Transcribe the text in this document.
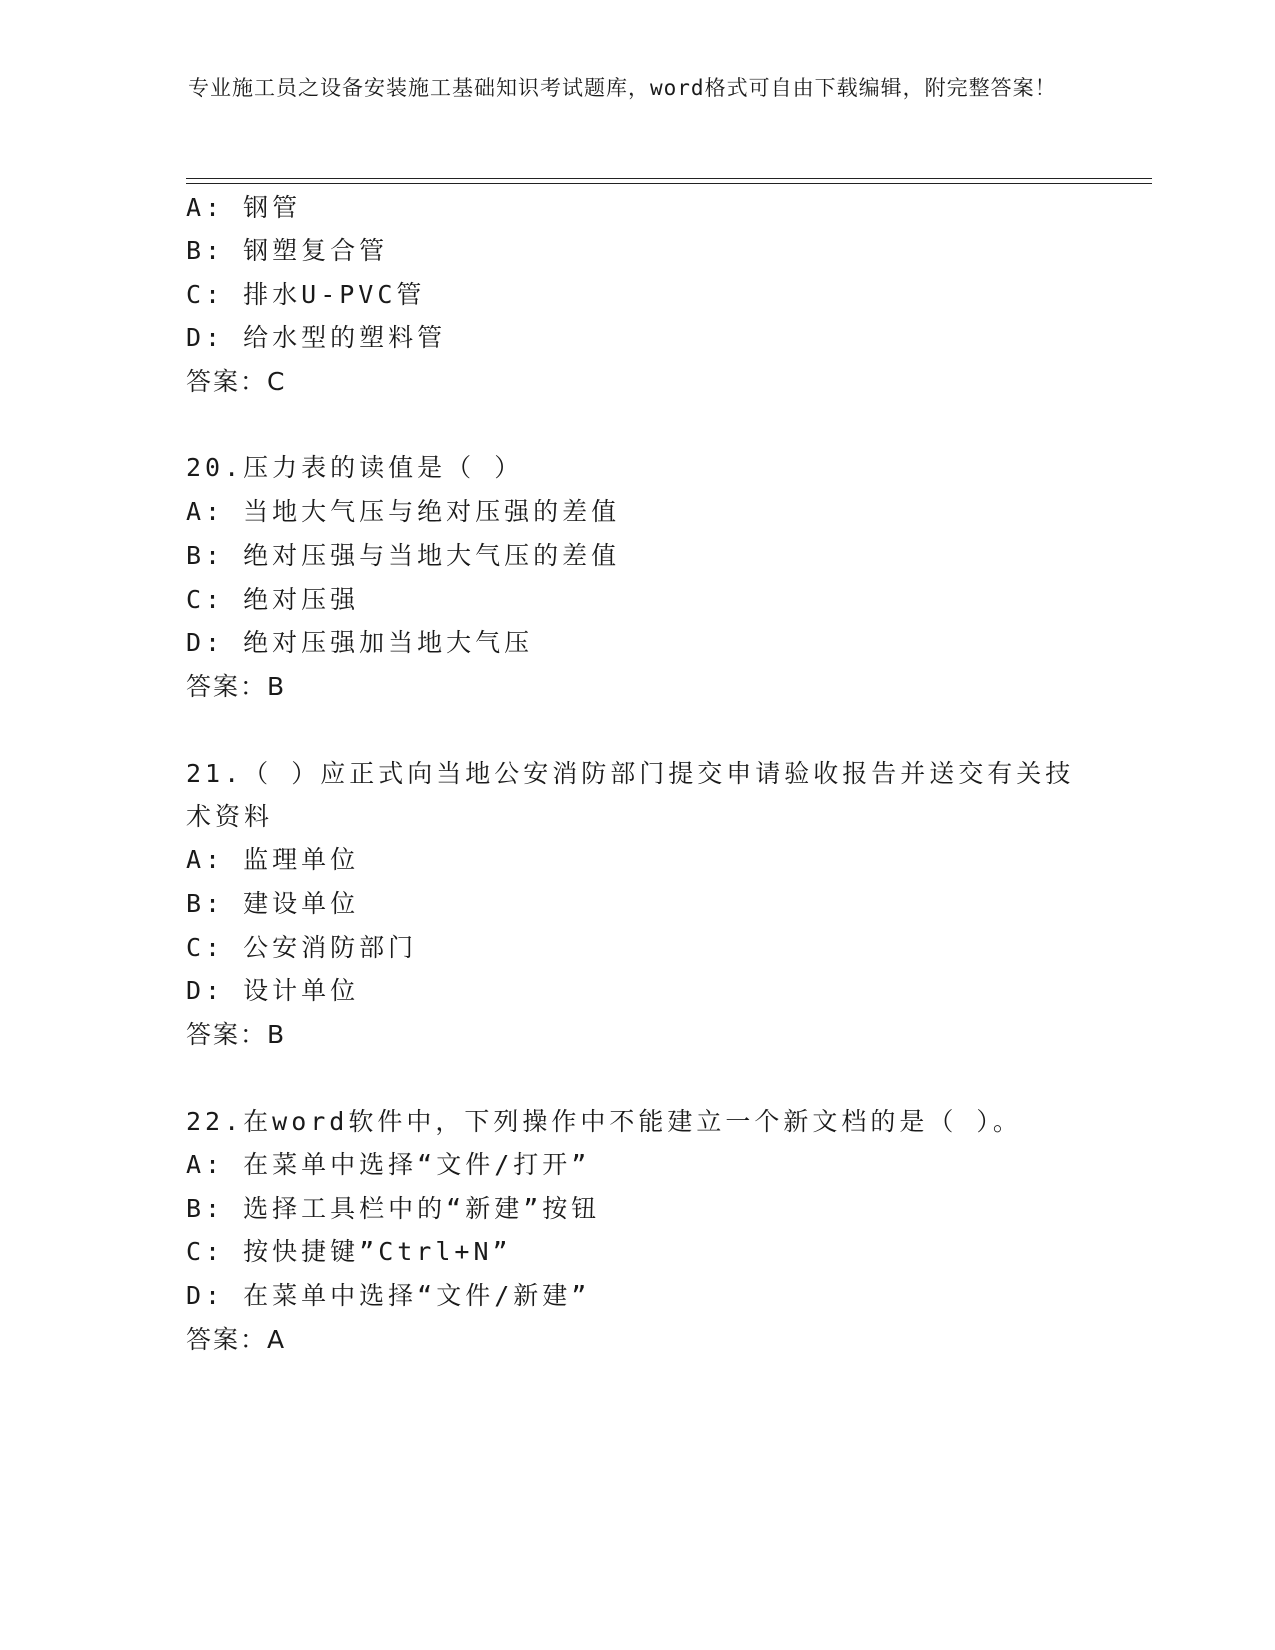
专业施工员之设备安装施工基础知识考试题库，word格式可自由下载编辑，附完整答案！
A: 钢管
B: 钢塑复合管
C: 排水U-PVC管
D: 给水型的塑料管
答案：C
20.压力表的读值是（ ）
A: 当地大气压与绝对压强的差值
B: 绝对压强与当地大气压的差值
C: 绝对压强
D: 绝对压强加当地大气压
答案：B
21.（ ）应正式向当地公安消防部门提交申请验收报告并送交有关技
术资料
A: 监理单位
B: 建设单位
C: 公安消防部门
D: 设计单位
答案：B
22.在word软件中，下列操作中不能建立一个新文档的是（ ）。
A: 在菜单中选择“文件/打开”
B: 选择工具栏中的“新建”按钮
C: 按快捷键”Ctrl+N”
D: 在菜单中选择“文件/新建”
答案：A
